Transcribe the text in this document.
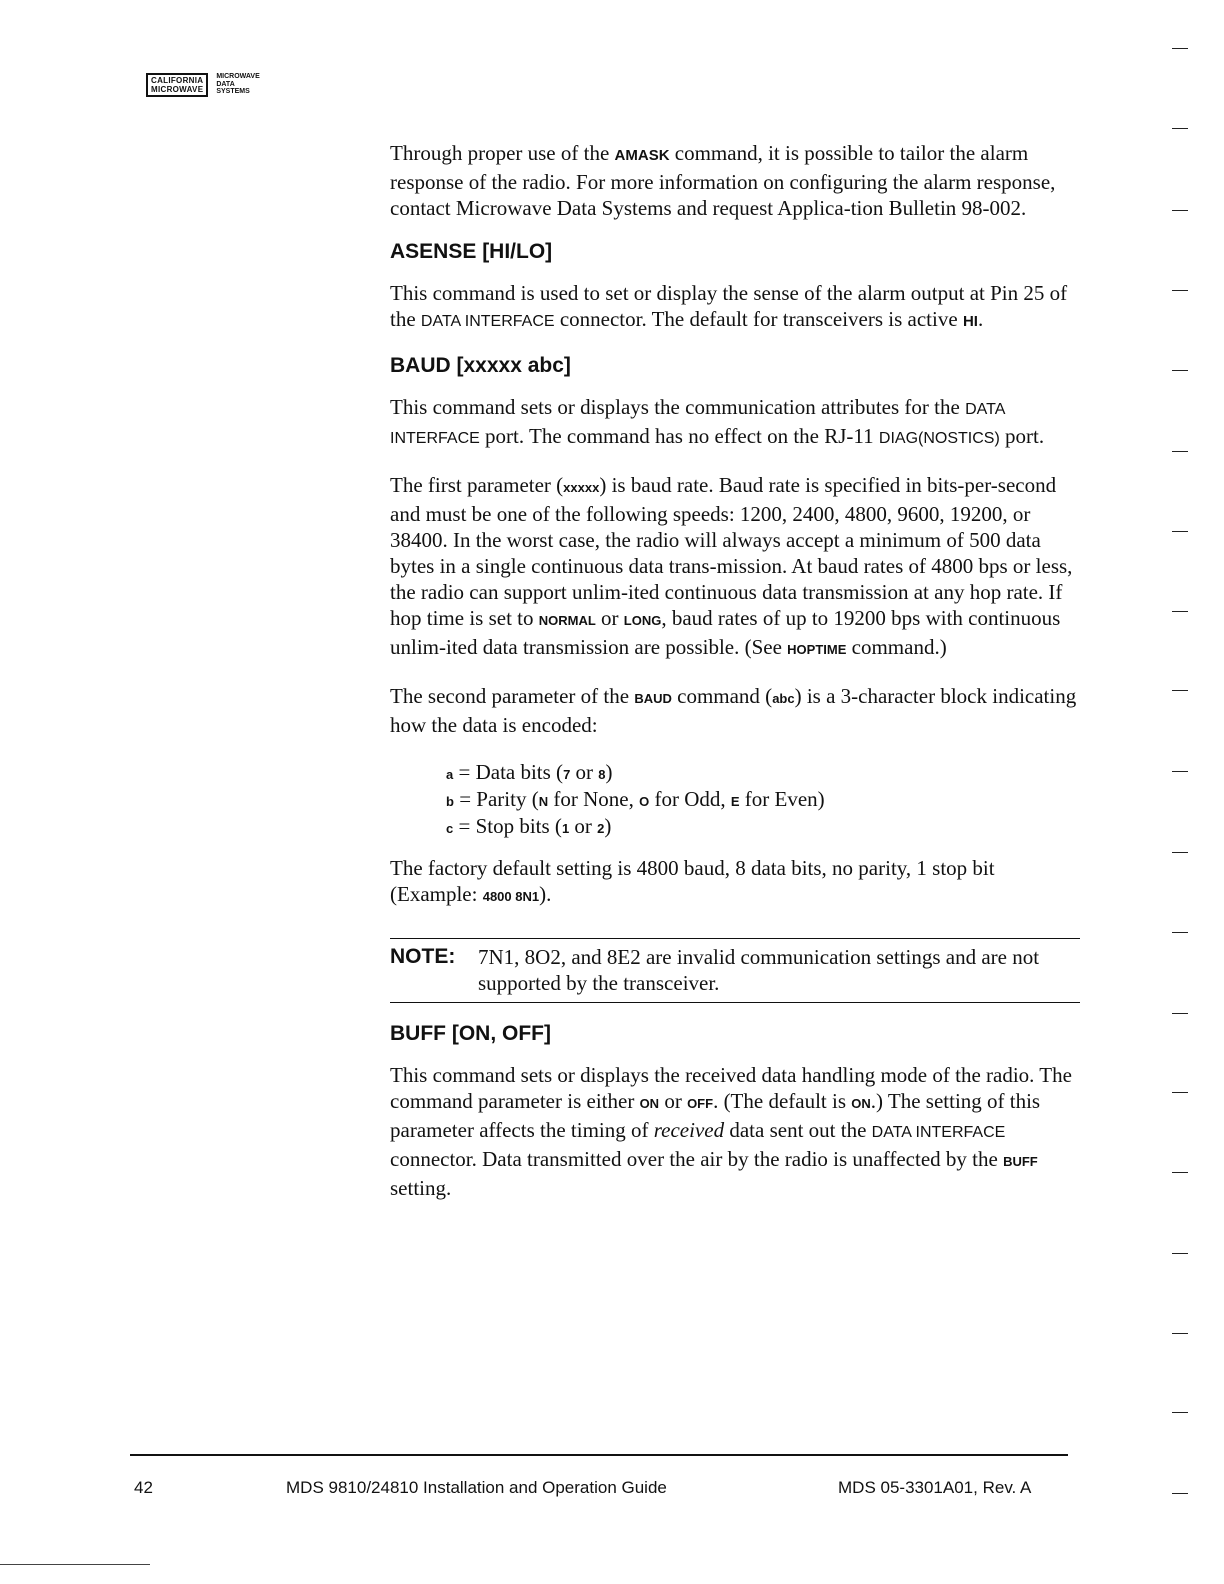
CALIFORNIA
MICROWAVE
MICROWAVE
DATA
SYSTEMS

Through proper use of the AMASK command, it is possible to tailor the alarm response of the radio. For more information on configuring the alarm response, contact Microwave Data Systems and request Applica-tion Bulletin 98-002.

ASENSE [HI/LO]

This command is used to set or display the sense of the alarm output at Pin 25 of the DATA INTERFACE connector. The default for transceivers is active HI.

BAUD [xxxxx abc]

This command sets or displays the communication attributes for the DATA INTERFACE port. The command has no effect on the RJ-11 DIAG(NOSTICS) port.

The first parameter (xxxxx) is baud rate. Baud rate is specified in bits-per-second and must be one of the following speeds: 1200, 2400, 4800, 9600, 19200, or 38400. In the worst case, the radio will always accept a minimum of 500 data bytes in a single continuous data trans-mission. At baud rates of 4800 bps or less, the radio can support unlim-ited continuous data transmission at any hop rate. If hop time is set to NORMAL or LONG, baud rates of up to 19200 bps with continuous unlim-ited data transmission are possible. (See HOPTIME command.)

The second parameter of the BAUD command (abc) is a 3-character block indicating how the data is encoded:

a = Data bits (7 or 8)
b = Parity (N for None, O for Odd, E for Even)
c = Stop bits (1 or 2)

The factory default setting is 4800 baud, 8 data bits, no parity, 1 stop bit (Example: 4800 8N1).

NOTE:	7N1, 8O2, and 8E2 are invalid communication settings and are not supported by the transceiver.
BUFF [ON, OFF]

This command sets or displays the received data handling mode of the radio. The command parameter is either ON or OFF. (The default is ON.) The setting of this parameter affects the timing of received data sent out the DATA INTERFACE connector. Data transmitted over the air by the radio is unaffected by the BUFF setting.

42	MDS 9810/24810 Installation and Operation Guide	MDS 05-3301A01, Rev. A
